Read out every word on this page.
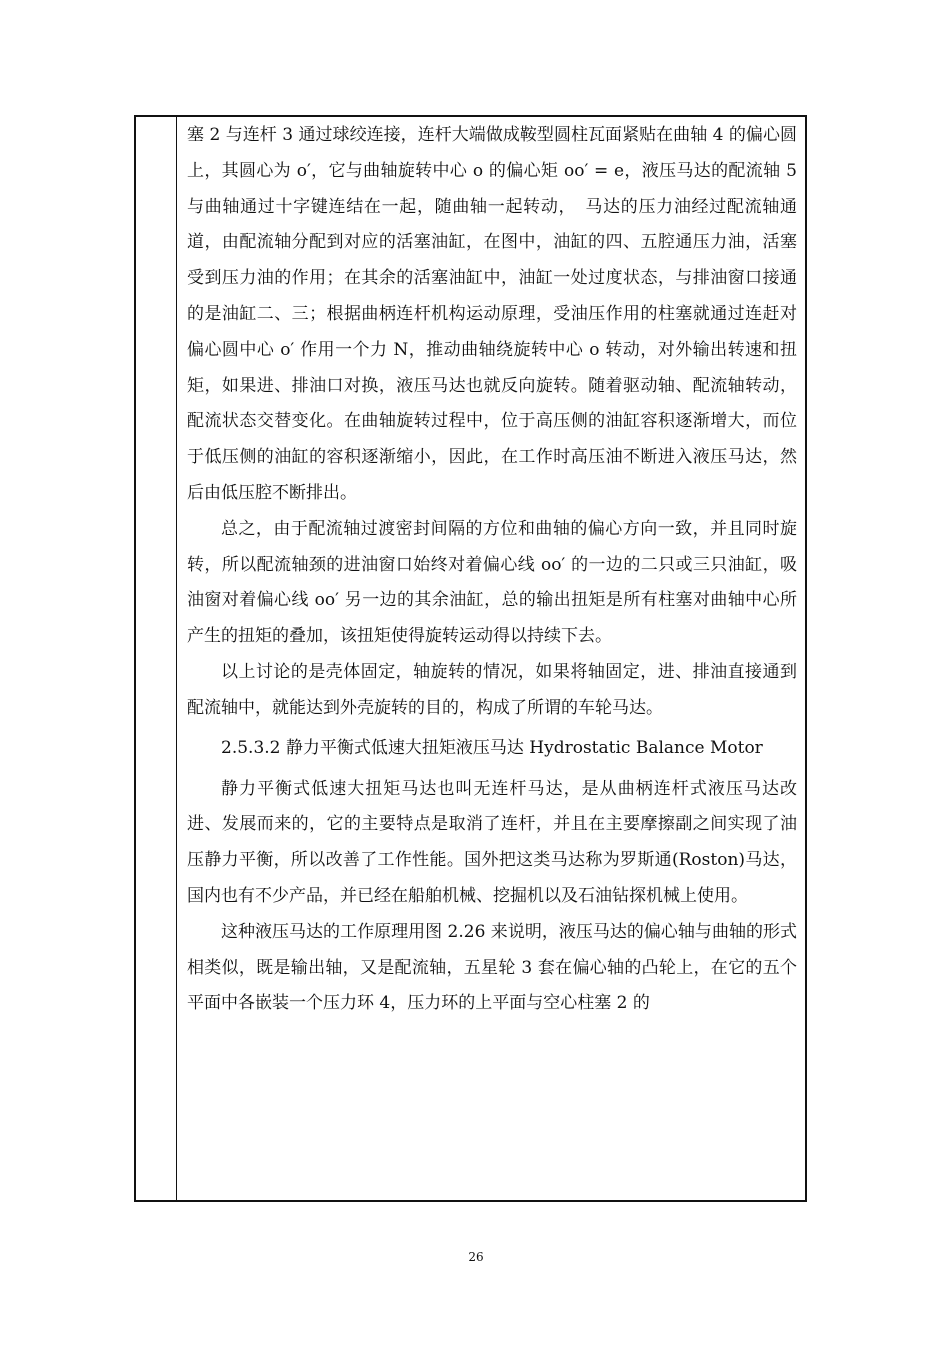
塞 2 与连杆 3 通过球绞连接，连杆大端做成鞍型圆柱瓦面紧贴在曲轴 4 的偏心圆上，其圆心为 o′，它与曲轴旋转中心 o 的偏心矩 oo′ = e，液压马达的配流轴 5 与曲轴通过十字键连结在一起，随曲轴一起转动，　马达的压力油经过配流轴通道，由配流轴分配到对应的活塞油缸，在图中，油缸的四、五腔通压力油，活塞受到压力油的作用；在其余的活塞油缸中，油缸一处过度状态，与排油窗口接通的是油缸二、三；根据曲柄连杆机构运动原理，受油压作用的柱塞就通过连赶对偏心圆中心 o′ 作用一个力 N，推动曲轴绕旋转中心 o 转动，对外输出转速和扭矩，如果进、排油口对换，液压马达也就反向旋转。随着驱动轴、配流轴转动，配流状态交替变化。在曲轴旋转过程中，位于高压侧的油缸容积逐渐增大，而位于低压侧的油缸的容积逐渐缩小，因此，在工作时高压油不断进入液压马达，然后由低压腔不断排出。

总之，由于配流轴过渡密封间隔的方位和曲轴的偏心方向一致，并且同时旋转，所以配流轴颈的进油窗口始终对着偏心线 oo′ 的一边的二只或三只油缸，吸油窗对着偏心线 oo′ 另一边的其余油缸，总的输出扭矩是所有柱塞对曲轴中心所产生的扭矩的叠加，该扭矩使得旋转运动得以持续下去。

以上讨论的是壳体固定，轴旋转的情况，如果将轴固定，进、排油直接通到配流轴中，就能达到外壳旋转的目的，构成了所谓的车轮马达。

2.5.3.2 静力平衡式低速大扭矩液压马达 Hydrostatic Balance Motor

静力平衡式低速大扭矩马达也叫无连杆马达，是从曲柄连杆式液压马达改进、发展而来的，它的主要特点是取消了连杆，并且在主要摩擦副之间实现了油压静力平衡，所以改善了工作性能。国外把这类马达称为罗斯通(Roston)马达，国内也有不少产品，并已经在船舶机械、挖掘机以及石油钻探机械上使用。

这种液压马达的工作原理用图 2.26 来说明，液压马达的偏心轴与曲轴的形式相类似，既是输出轴，又是配流轴，五星轮 3 套在偏心轴的凸轮上，在它的五个平面中各嵌装一个压力环 4，压力环的上平面与空心柱塞 2 的

26
